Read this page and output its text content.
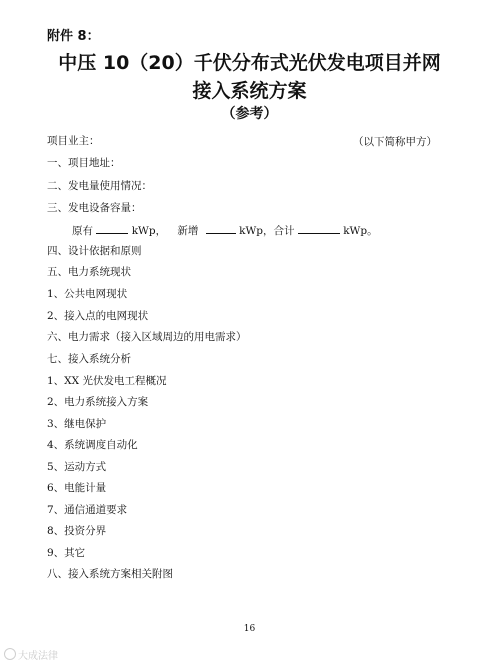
附件 8：
中压 10（20）千伏分布式光伏发电项目并网
接入系统方案
（参考）
项目业主：	（以下简称甲方）
一、项目地址：
二、发电量使用情况：
三、发电设备容量：
原有	kWp， 新增	kWp，合计	kWp。
四、设计依据和原则
五、电力系统现状
1、公共电网现状
2、接入点的电网现状
六、电力需求（接入区域周边的用电需求）
七、接入系统分析
1、XX 光伏发电工程概况
2、电力系统接入方案
3、继电保护
4、系统调度自动化
5、运动方式
6、电能计量
7、通信通道要求
8、投资分界
9、其它
八、接入系统方案相关附图
16
大成法律
